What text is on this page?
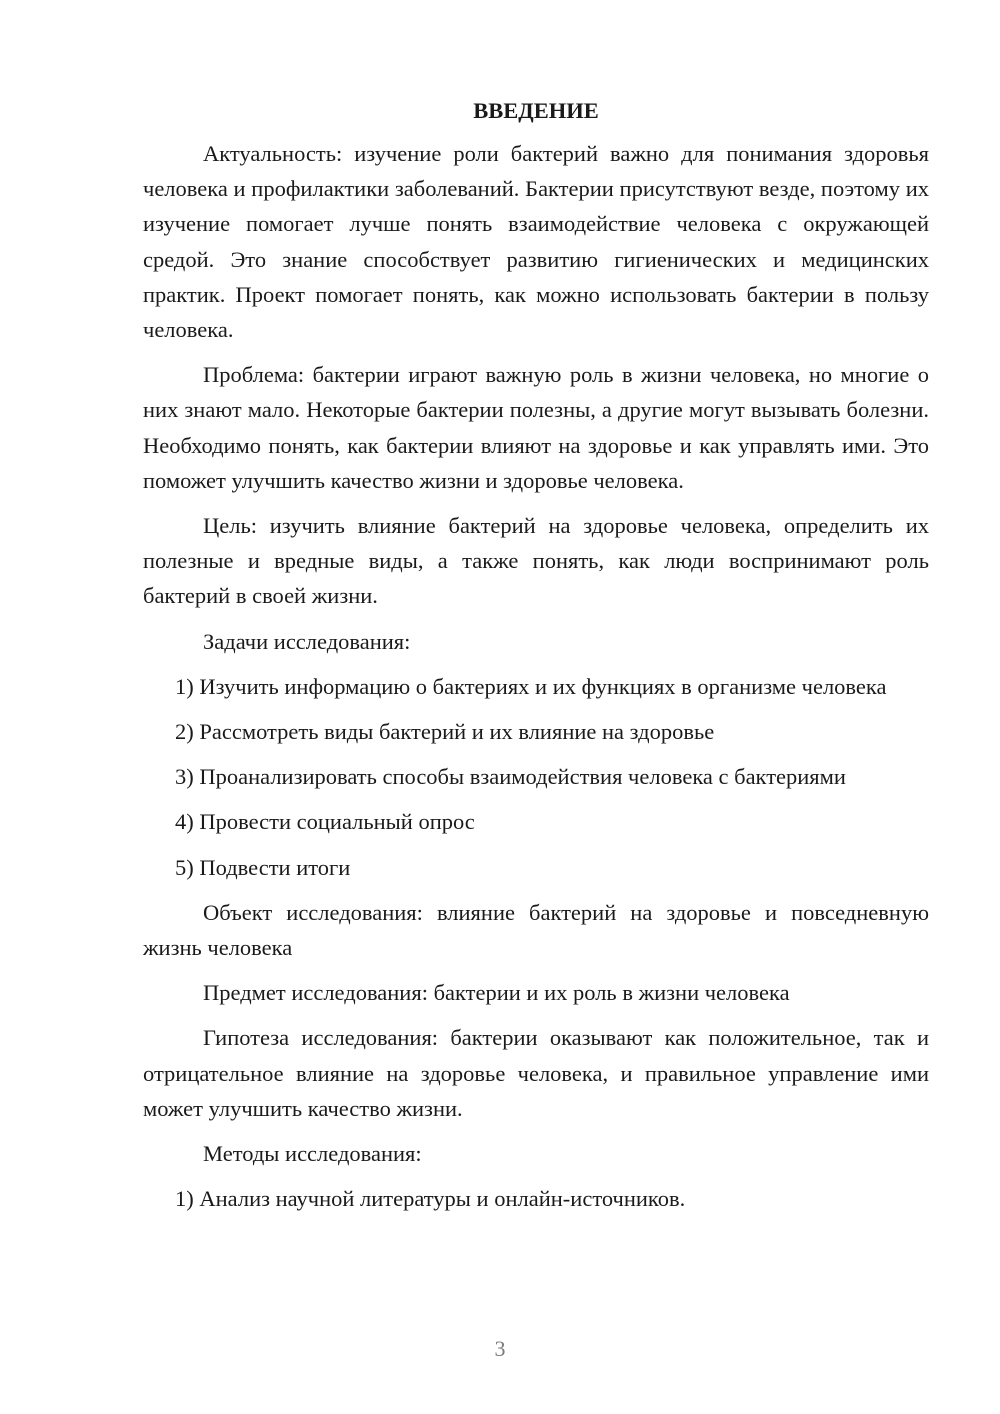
ВВЕДЕНИЕ

Актуальность: изучение роли бактерий важно для понимания здоровья человека и профилактики заболеваний. Бактерии присутствуют везде, поэтому их изучение помогает лучше понять взаимодействие человека с окружающей средой. Это знание способствует развитию гигиенических и медицинских практик. Проект помогает понять, как можно использовать бактерии в пользу человека.

Проблема: бактерии играют важную роль в жизни человека, но многие о них знают мало. Некоторые бактерии полезны, а другие могут вызывать болезни. Необходимо понять, как бактерии влияют на здоровье и как управлять ими. Это поможет улучшить качество жизни и здоровье человека.

Цель: изучить влияние бактерий на здоровье человека, определить их полезные и вредные виды, а также понять, как люди воспринимают роль бактерий в своей жизни.

Задачи исследования:

1) Изучить информацию о бактериях и их функциях в организме человека

2) Рассмотреть виды бактерий и их влияние на здоровье

3) Проанализировать способы взаимодействия человека с бактериями

4) Провести социальный опрос

5) Подвести итоги

Объект исследования: влияние бактерий на здоровье и повседневную жизнь человека

Предмет исследования: бактерии и их роль в жизни человека

Гипотеза исследования: бактерии оказывают как положительное, так и отрицательное влияние на здоровье человека, и правильное управление ими может улучшить качество жизни.

Методы исследования:

1) Анализ научной литературы и онлайн-источников.

3
